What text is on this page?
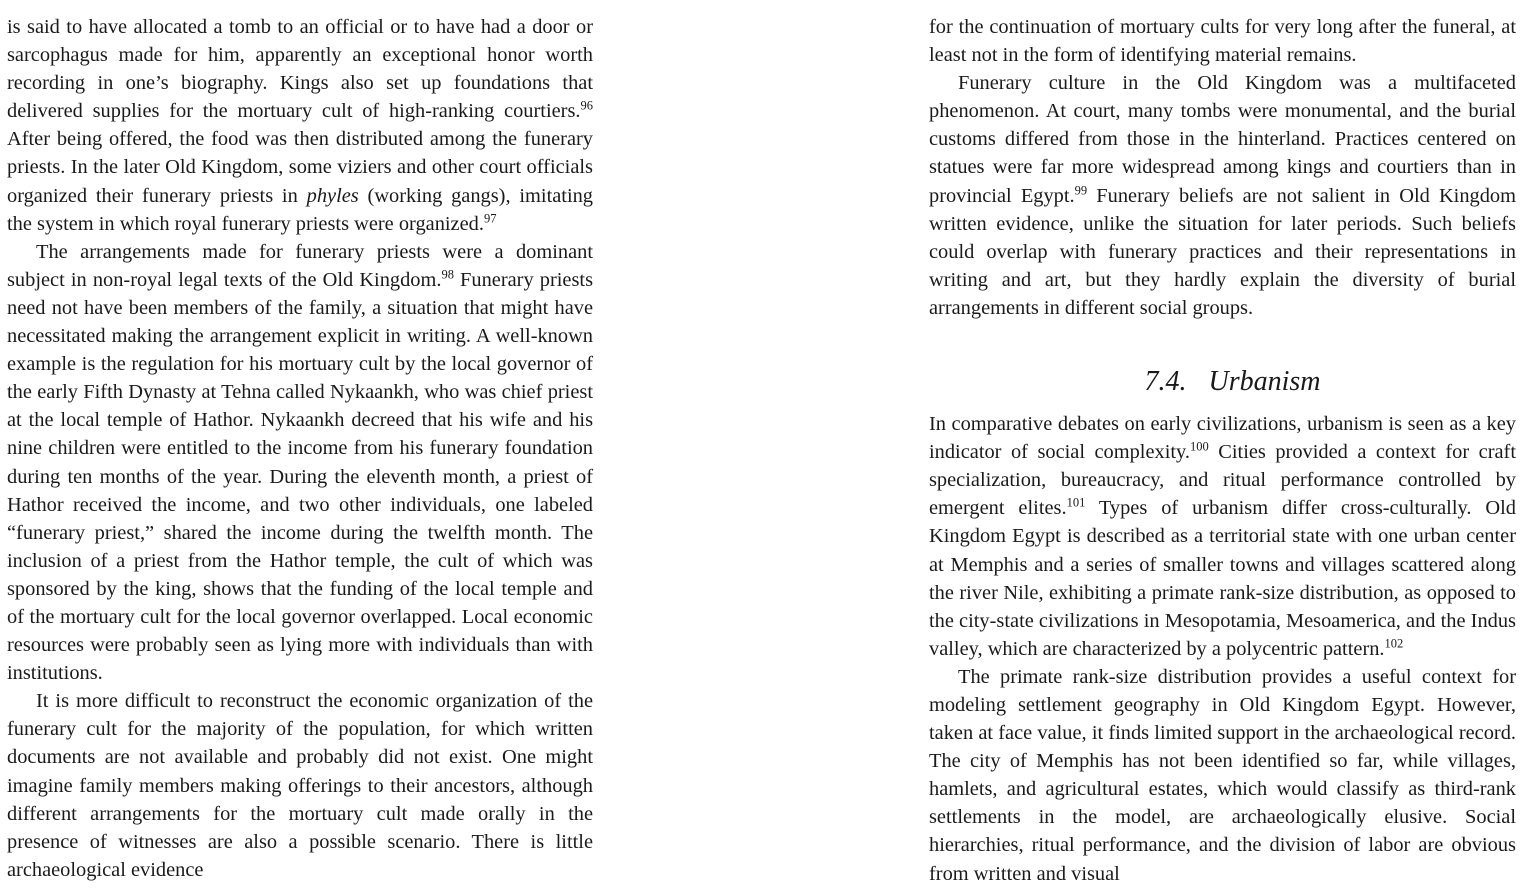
is said to have allocated a tomb to an official or to have had a door or sarcophagus made for him, apparently an exceptional honor worth recording in one’s biography. Kings also set up foundations that delivered supplies for the mortuary cult of high-ranking courtiers.$^{96}$ After being offered, the food was then distributed among the funerary priests. In the later Old Kingdom, some viziers and other court officials organized their funerary priests in phyles (working gangs), imitating the system in which royal funerary priests were organized.$^{97}$

The arrangements made for funerary priests were a dominant subject in non-royal legal texts of the Old Kingdom.$^{98}$ Funerary priests need not have been members of the family, a situation that might have necessitated making the arrangement explicit in writing. A well-known example is the regulation for his mortuary cult by the local governor of the early Fifth Dynasty at Tehna called Nykaankh, who was chief priest at the local temple of Hathor. Nykaankh decreed that his wife and his nine children were entitled to the income from his funerary foundation during ten months of the year. During the eleventh month, a priest of Hathor received the income, and two other individuals, one labeled “funerary priest,” shared the income during the twelfth month. The inclusion of a priest from the Hathor temple, the cult of which was sponsored by the king, shows that the funding of the local temple and of the mortuary cult for the local governor overlapped. Local economic resources were probably seen as lying more with individuals than with institutions.

It is more difficult to reconstruct the economic organization of the funerary cult for the majority of the population, for which written documents are not available and probably did not exist. One might imagine family members making offerings to their ancestors, although different arrangements for the mortuary cult made orally in the presence of witnesses are also a possible scenario. There is little archaeological evidence

for the continuation of mortuary cults for very long after the funeral, at least not in the form of identifying material remains.

Funerary culture in the Old Kingdom was a multifaceted phenomenon. At court, many tombs were monumental, and the burial customs differed from those in the hinterland. Practices centered on statues were far more widespread among kings and courtiers than in provincial Egypt.$^{99}$ Funerary beliefs are not salient in Old Kingdom written evidence, unlike the situation for later periods. Such beliefs could overlap with funerary practices and their representations in writing and art, but they hardly explain the diversity of burial arrangements in different social groups.

7.4. Urbanism

In comparative debates on early civilizations, urbanism is seen as a key indicator of social complexity.$^{100}$ Cities provided a context for craft specialization, bureaucracy, and ritual performance controlled by emergent elites.$^{101}$ Types of urbanism differ cross-culturally. Old Kingdom Egypt is described as a territorial state with one urban center at Memphis and a series of smaller towns and villages scattered along the river Nile, exhibiting a primate rank-size distribution, as opposed to the city-state civilizations in Mesopotamia, Mesoamerica, and the Indus valley, which are characterized by a polycentric pattern.$^{102}$

The primate rank-size distribution provides a useful context for modeling settlement geography in Old Kingdom Egypt. However, taken at face value, it finds limited support in the archaeological record. The city of Memphis has not been identified so far, while villages, hamlets, and agricultural estates, which would classify as third-rank settlements in the model, are archaeologically elusive. Social hierarchies, ritual performance, and the division of labor are obvious from written and visual
